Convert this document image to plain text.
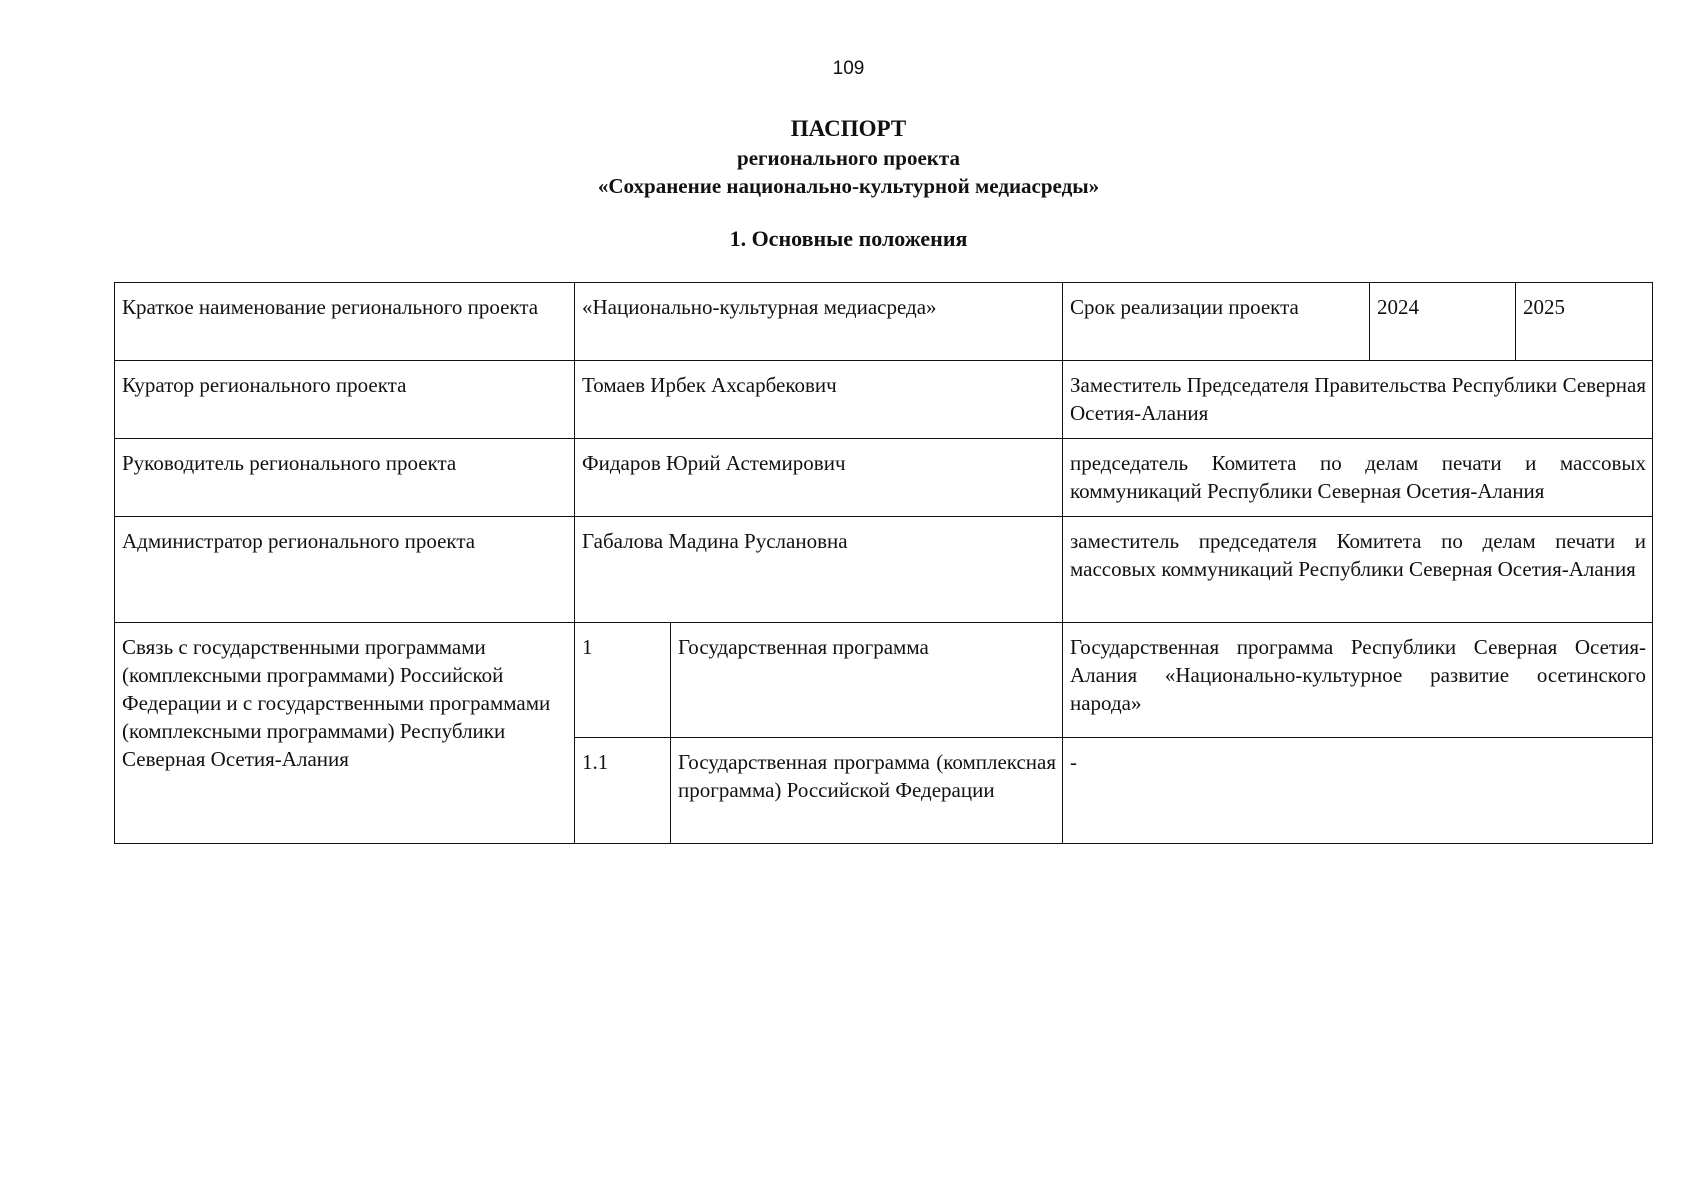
109
ПАСПОРТ
регионального проекта
«Сохранение национально-культурной медиасреды»
1. Основные положения
Краткое наименование регионального проекта	«Национально-культурная медиасреда»		Срок реализации проекта	2024	2025
Куратор регионального проекта	Томаев Ирбек Ахсарбекович		Заместитель Председателя Правительства Республики Северная Осетия-Алания		
Руководитель регионального проекта	Фидаров Юрий Астемирович		председатель Комитета по делам печати и массовых коммуникаций Республики Северная Осетия-Алания		
Администратор регионального проекта	Габалова Мадина Руслановна		заместитель председателя Комитета по делам печати и массовых коммуникаций Республики Северная Осетия-Алания		
Связь с государственными программами (комплексными программами) Российской Федерации и с государственными программами (комплексными программами) Республики Северная Осетия-Алания	1	Государственная программа	Государственная программа Республики Северная Осетия-Алания «Национально-культурное развитие осетинского народа»		
	1.1	Государственная программа (комплексная программа) Российской Федерации	-		
